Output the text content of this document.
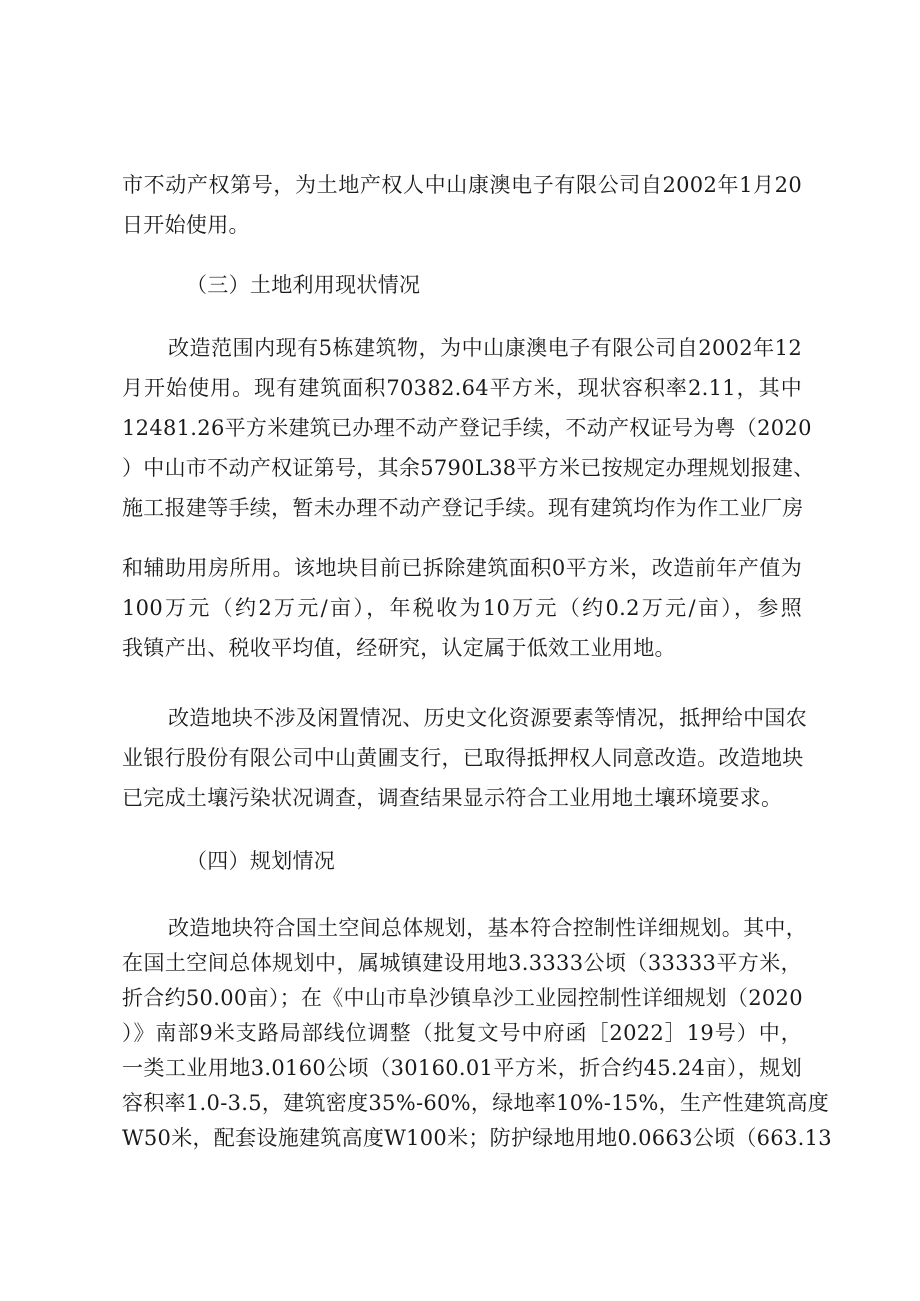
市不动产权第号，为土地产权人中山康澳电子有限公司自2002年1月20
日开始使用。
（三）土地利用现状情况
改造范围内现有5栋建筑物，为中山康澳电子有限公司自2002年12
月开始使用。现有建筑面积70382.64平方米，现状容积率2.11，其中
12481.26平方米建筑已办理不动产登记手续，不动产权证号为粤（2020
）中山市不动产权证第号，其余5790L38平方米已按规定办理规划报建、
施工报建等手续，暂未办理不动产登记手续。现有建筑均作为作工业厂房
和辅助用房所用。该地块目前已拆除建筑面积0平方米，改造前年产值为
100万元（约2万元/亩），年税收为10万元（约0.2万元/亩），参照
我镇产出、税收平均值，经研究，认定属于低效工业用地。
改造地块不涉及闲置情况、历史文化资源要素等情况，抵押给中国农
业银行股份有限公司中山黄圃支行，已取得抵押权人同意改造。改造地块
已完成土壤污染状况调查，调查结果显示符合工业用地土壤环境要求。
（四）规划情况
改造地块符合国土空间总体规划，基本符合控制性详细规划。其中，
在国土空间总体规划中，属城镇建设用地3.3333公顷（33333平方米，
折合约50.00亩）；在《中山市阜沙镇阜沙工业园控制性详细规划（2020
）》南部9米支路局部线位调整（批复文号中府函［2022］19号）中，
一类工业用地3.0160公顷（30160.01平方米，折合约45.24亩），规划
容积率1.0-3.5，建筑密度35%-60%，绿地率10%-15%，生产性建筑高度
W50米，配套设施建筑高度W100米；防护绿地用地0.0663公顷（663.13
